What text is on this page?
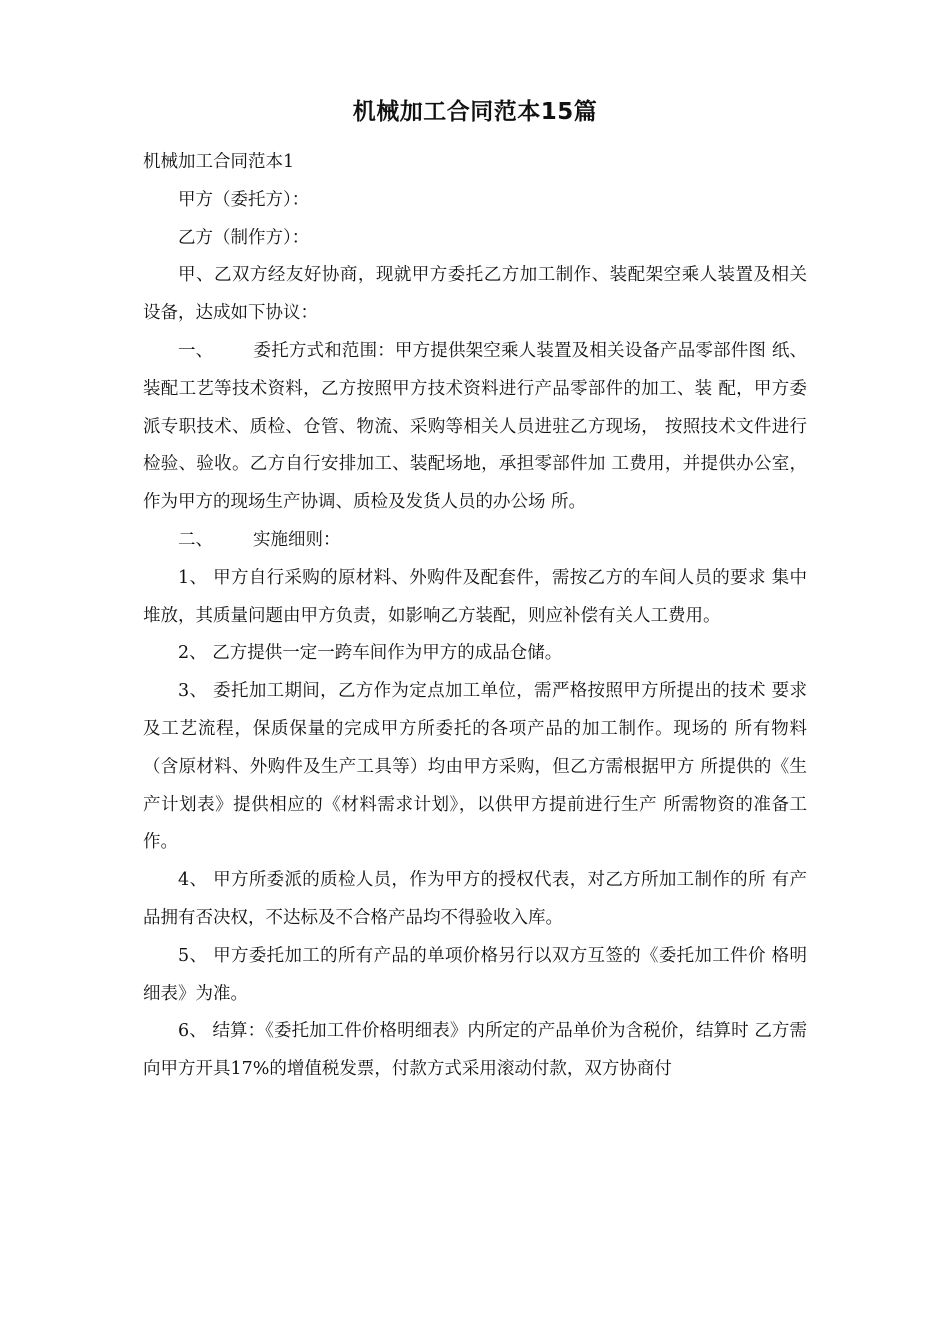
机械加工合同范本15篇

机械加工合同范本1

甲方（委托方）：

乙方（制作方）：

甲、乙双方经友好协商，现就甲方委托乙方加工制作、装配架空乘人装置及相关设备，达成如下协议：

一、 委托方式和范围：甲方提供架空乘人装置及相关设备产品零部件图 纸、装配工艺等技术资料，乙方按照甲方技术资料进行产品零部件的加工、装 配，甲方委派专职技术、质检、仓管、物流、采购等相关人员进驻乙方现场， 按照技术文件进行检验、验收。乙方自行安排加工、装配场地，承担零部件加 工费用，并提供办公室，作为甲方的现场生产协调、质检及发货人员的办公场 所。

二、 实施细则：

1、 甲方自行采购的原材料、外购件及配套件，需按乙方的车间人员的要求 集中堆放，其质量问题由甲方负责，如影响乙方装配，则应补偿有关人工费用。

2、 乙方提供一定一跨车间作为甲方的成品仓储。

3、 委托加工期间，乙方作为定点加工单位，需严格按照甲方所提出的技术 要求及工艺流程，保质保量的完成甲方所委托的各项产品的加工制作。现场的 所有物料（含原材料、外购件及生产工具等）均由甲方采购，但乙方需根据甲方 所提供的《生产计划表》提供相应的《材料需求计划》，以供甲方提前进行生产 所需物资的准备工作。

4、 甲方所委派的质检人员，作为甲方的授权代表，对乙方所加工制作的所 有产品拥有否决权，不达标及不合格产品均不得验收入库。

5、 甲方委托加工的所有产品的单项价格另行以双方互签的《委托加工件价 格明细表》为准。

6、 结算：《委托加工件价格明细表》内所定的产品单价为含税价，结算时 乙方需向甲方开具17%的增值税发票，付款方式采用滚动付款，双方协商付
